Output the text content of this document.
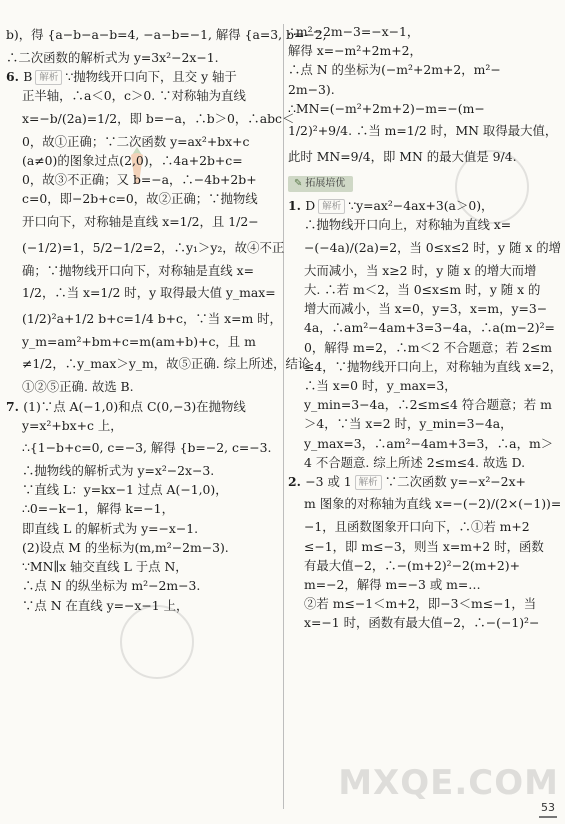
b)，得 {a−b−a−b=4, −a−b=−1, 解得 {a=3, b=−2,
∴二次函数的解析式为 y=3x²−2x−1.
6. B 解析 ∵抛物线开口向下，且交 y 轴于
正半轴，∴a＜0，c＞0. ∵对称轴为直线
x=−b/(2a)=1/2，即 b=−a，∴b＞0，∴abc＜
0，故①正确；∵二次函数 y=ax²+bx+c
(a≠0)的图象过点(2,0)，∴4a+2b+c=
0，故③不正确；又 b=−a，∴−4b+2b+
c=0，即−2b+c=0，故②正确；∵抛物线
开口向下，对称轴是直线 x=1/2，且 1/2−
(−1/2)=1，5/2−1/2=2，∴y₁＞y₂，故④不正
确；∵抛物线开口向下，对称轴是直线 x=
1/2，∴当 x=1/2 时，y 取得最大值 y_max=
(1/2)²a+1/2 b+c=1/4 b+c，∵当 x=m 时，
y_m=am²+bm+c=m(am+b)+c，且 m
≠1/2，∴y_max＞y_m，故⑤正确. 综上所述，结论
①②⑤正确. 故选 B.
7. (1)∵点 A(−1,0)和点 C(0,−3)在抛物线
y=x²+bx+c 上，
∴{1−b+c=0, c=−3, 解得 {b=−2, c=−3.
∴抛物线的解析式为 y=x²−2x−3.
∵直线 L：y=kx−1 过点 A(−1,0)，
∴0=−k−1，解得 k=−1，
即直线 L 的解析式为 y=−x−1.
(2)设点 M 的坐标为(m,m²−2m−3).
∵MN∥x 轴交直线 L 于点 N，
∴点 N 的纵坐标为 m²−2m−3.
∵点 N 在直线 y=−x−1 上，
∴m²−2m−3=−x−1，
解得 x=−m²+2m+2，
∴点 N 的坐标为(−m²+2m+2，m²−
2m−3).
∴MN=(−m²+2m+2)−m=−(m−
1/2)²+9/4. ∴当 m=1/2 时，MN 取得最大值，
此时 MN=9/4，即 MN 的最大值是 9/4.
✎ 拓展培优
1. D 解析 ∵y=ax²−4ax+3(a＞0)，
∴抛物线开口向上，对称轴为直线 x=
−(−4a)/(2a)=2，当 0≤x≤2 时，y 随 x 的增
大而减小，当 x≥2 时，y 随 x 的增大而增
大. ∴若 m＜2，当 0≤x≤m 时，y 随 x 的
增大而减小，当 x=0，y=3，x=m，y=3−
4a，∴am²−4am+3=3−4a，∴a(m−2)²=
0，解得 m=2，∴m＜2 不合题意；若 2≤m
≤4，∵抛物线开口向上，对称轴为直线 x=2，
∴当 x=0 时，y_max=3，
y_min=3−4a，∴2≤m≤4 符合题意；若 m
＞4，∵当 x=2 时，y_min=3−4a，
y_max=3，∴am²−4am+3=3，∴a，m＞
4 不合题意. 综上所述 2≤m≤4. 故选 D.
2. −3 或 1 解析 ∵二次函数 y=−x²−2x+
m 图象的对称轴为直线 x=−(−2)/(2×(−1))=
−1，且函数图象开口向下，∴①若 m+2
≤−1，即 m≤−3，则当 x=m+2 时，函数
有最大值−2，∴−(m+2)²−2(m+2)+
m=−2，解得 m=−3 或 m=…
②若 m≤−1＜m+2，即−3＜m≤−1，当
x=−1 时，函数有最大值−2，∴−(−1)²−
MXQE.COM
53
